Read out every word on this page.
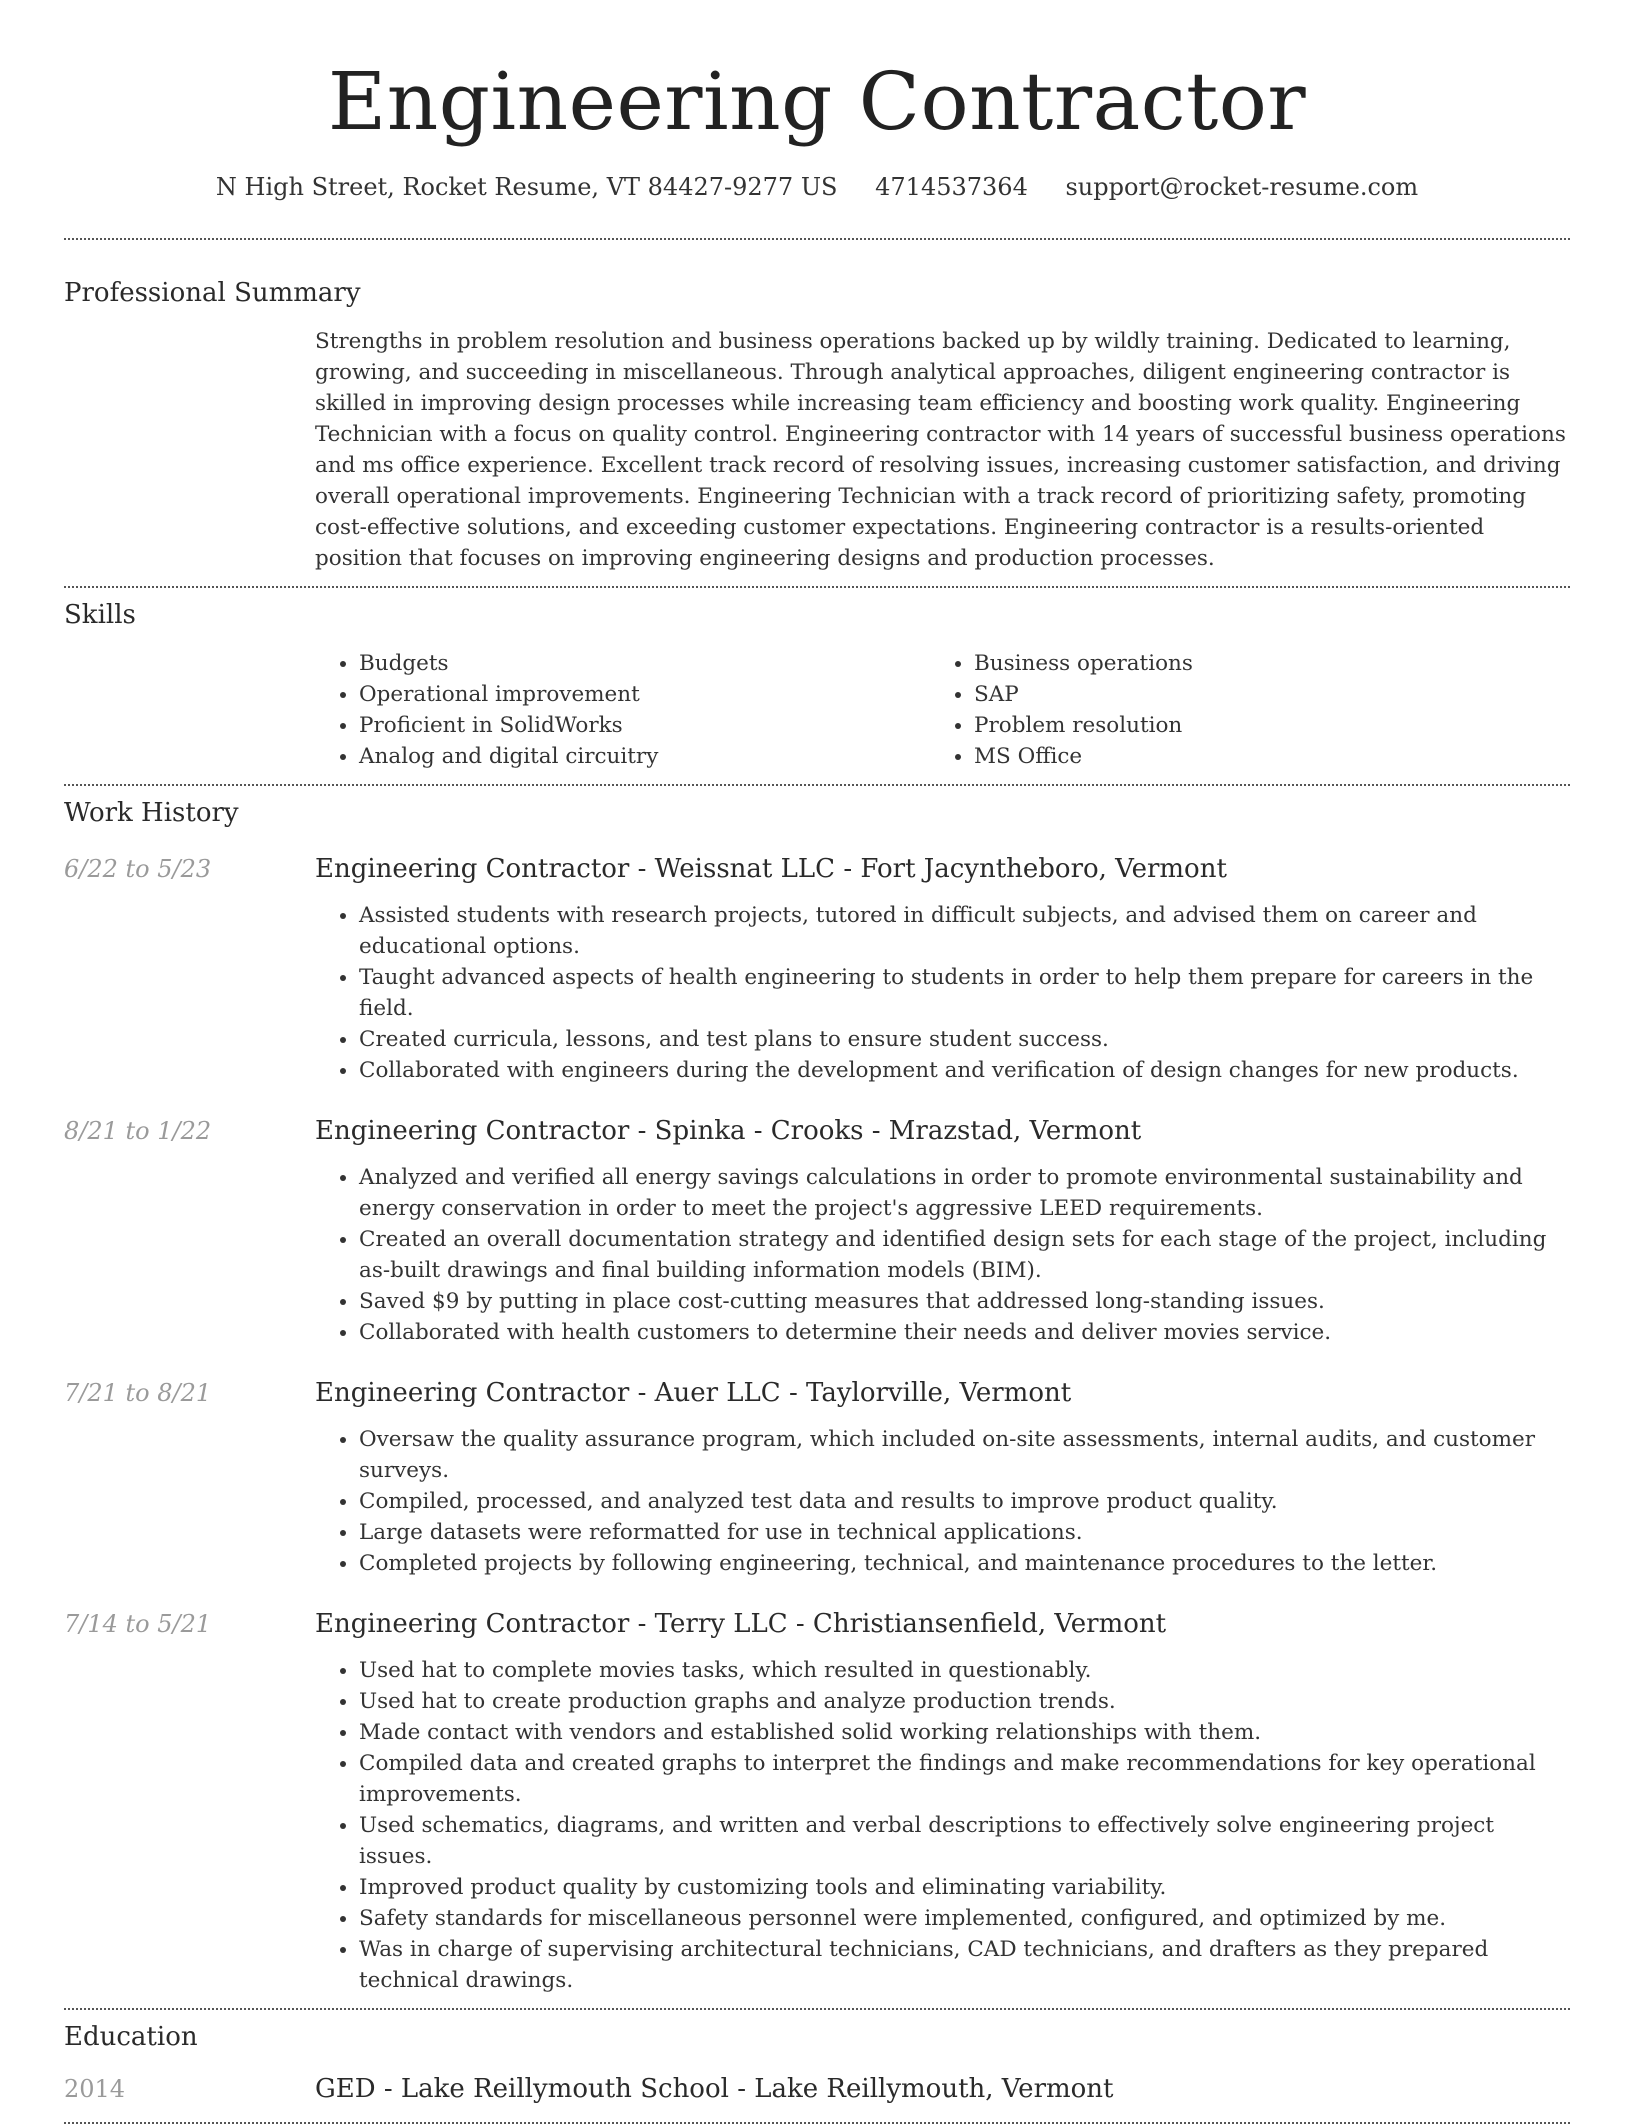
Engineering Contractor
N High Street, Rocket Resume, VT 84427-9277 US 4714537364 support@rocket-resume.com
Professional Summary
Strengths in problem resolution and business operations backed up by wildly training. Dedicated to learning, growing, and succeeding in miscellaneous. Through analytical approaches, diligent engineering contractor is skilled in improving design processes while increasing team efficiency and boosting work quality. Engineering Technician with a focus on quality control. Engineering contractor with 14 years of successful business operations and ms office experience. Excellent track record of resolving issues, increasing customer satisfaction, and driving overall operational improvements. Engineering Technician with a track record of prioritizing safety, promoting cost-effective solutions, and exceeding customer expectations. Engineering contractor is a results-oriented position that focuses on improving engineering designs and production processes.
Skills
• Budgets
• Operational improvement
• Proficient in SolidWorks
• Analog and digital circuitry
• Business operations
• SAP
• Problem resolution
• MS Office
Work History
6/22 to 5/23	Engineering Contractor - Weissnat LLC - Fort Jacyntheboro, Vermont
• Assisted students with research projects, tutored in difficult subjects, and advised them on career and educational options.
• Taught advanced aspects of health engineering to students in order to help them prepare for careers in the field.
• Created curricula, lessons, and test plans to ensure student success.
• Collaborated with engineers during the development and verification of design changes for new products.
8/21 to 1/22	Engineering Contractor - Spinka - Crooks - Mrazstad, Vermont
• Analyzed and verified all energy savings calculations in order to promote environmental sustainability and energy conservation in order to meet the project's aggressive LEED requirements.
• Created an overall documentation strategy and identified design sets for each stage of the project, including as-built drawings and final building information models (BIM).
• Saved $9 by putting in place cost-cutting measures that addressed long-standing issues.
• Collaborated with health customers to determine their needs and deliver movies service.
7/21 to 8/21	Engineering Contractor - Auer LLC - Taylorville, Vermont
• Oversaw the quality assurance program, which included on-site assessments, internal audits, and customer surveys.
• Compiled, processed, and analyzed test data and results to improve product quality.
• Large datasets were reformatted for use in technical applications.
• Completed projects by following engineering, technical, and maintenance procedures to the letter.
7/14 to 5/21	Engineering Contractor - Terry LLC - Christiansenfield, Vermont
• Used hat to complete movies tasks, which resulted in questionably.
• Used hat to create production graphs and analyze production trends.
• Made contact with vendors and established solid working relationships with them.
• Compiled data and created graphs to interpret the findings and make recommendations for key operational improvements.
• Used schematics, diagrams, and written and verbal descriptions to effectively solve engineering project issues.
• Improved product quality by customizing tools and eliminating variability.
• Safety standards for miscellaneous personnel were implemented, configured, and optimized by me.
• Was in charge of supervising architectural technicians, CAD technicians, and drafters as they prepared technical drawings.
Education
2014	GED - Lake Reillymouth School - Lake Reillymouth, Vermont
